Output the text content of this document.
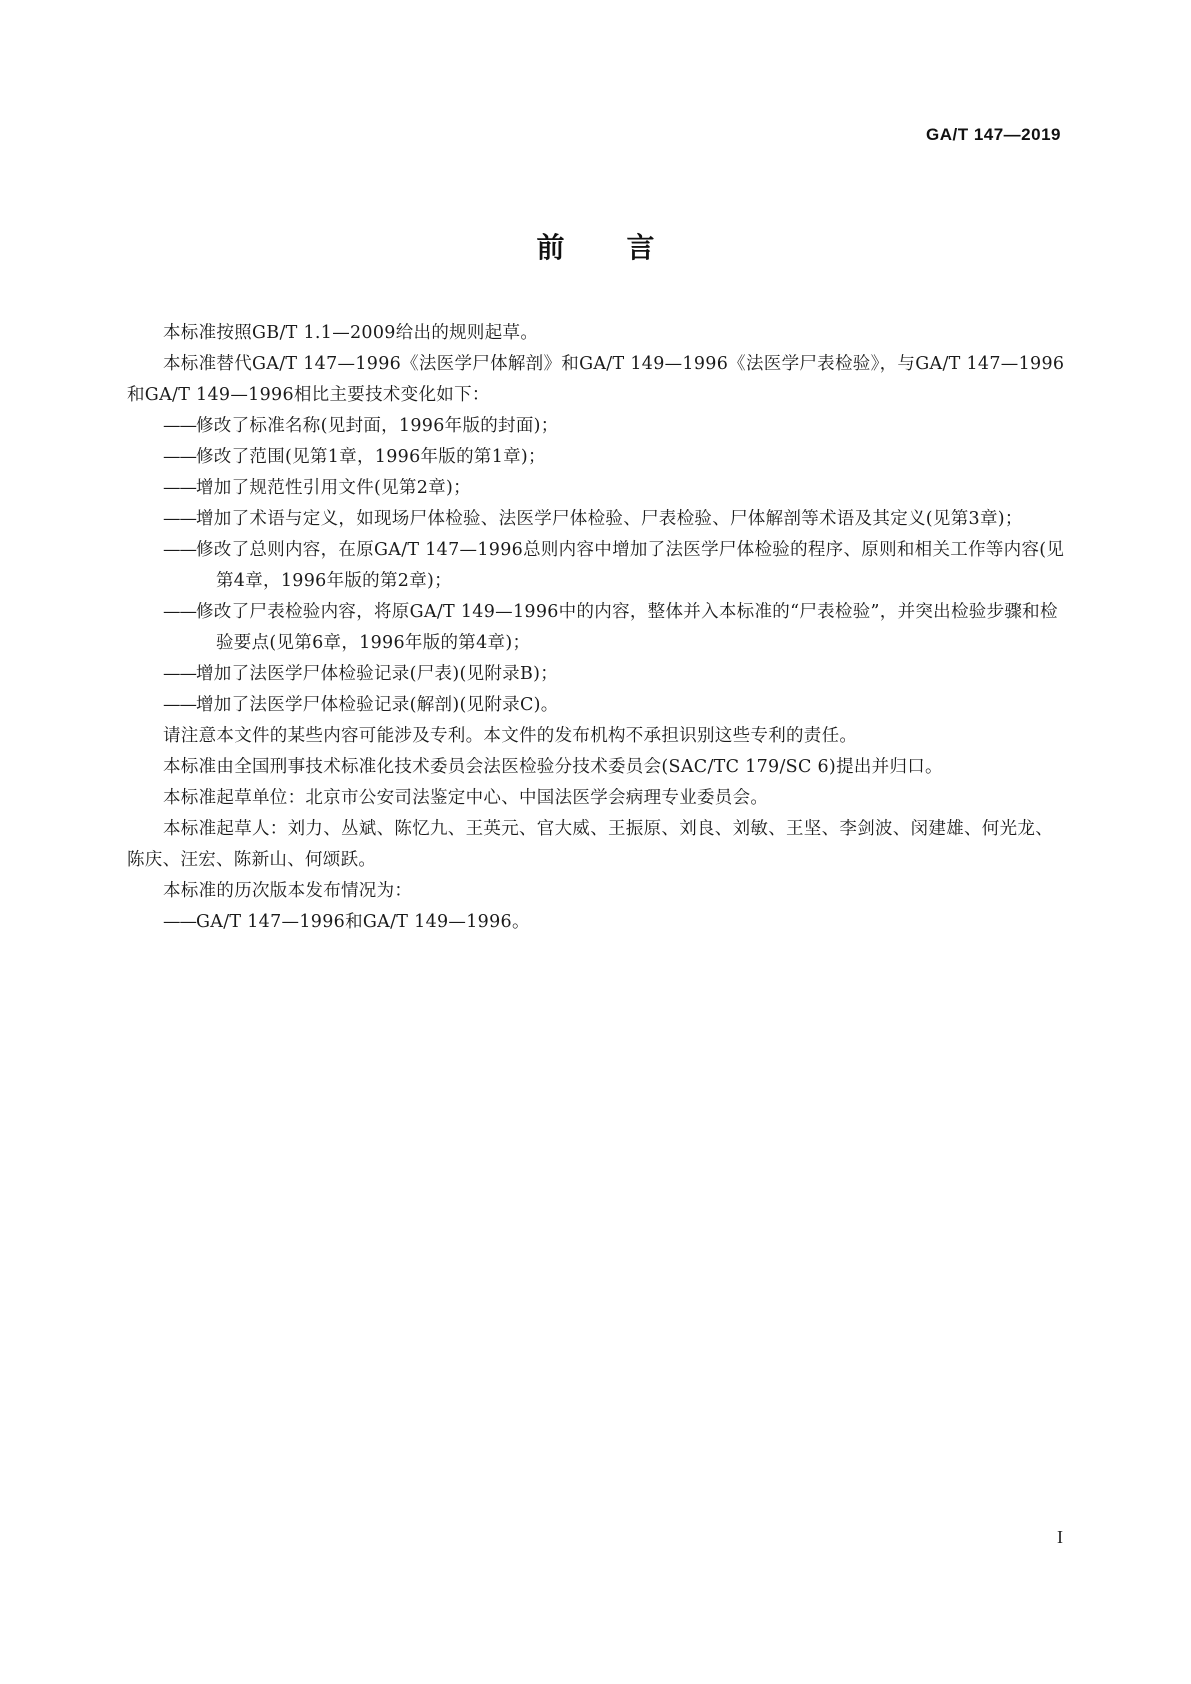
GA/T 147—2019
前言

本标准按照GB/T 1.1—2009给出的规则起草。

本标准替代GA/T 147—1996《法医学尸体解剖》和GA/T 149—1996《法医学尸表检验》，与GA/T 147—1996和GA/T 149—1996相比主要技术变化如下：

——修改了标准名称(见封面，1996年版的封面)；

——修改了范围(见第1章，1996年版的第1章)；

——增加了规范性引用文件(见第2章)；

——增加了术语与定义，如现场尸体检验、法医学尸体检验、尸表检验、尸体解剖等术语及其定义(见第3章)；

——修改了总则内容，在原GA/T 147—1996总则内容中增加了法医学尸体检验的程序、原则和相关工作等内容(见第4章，1996年版的第2章)；

——修改了尸表检验内容，将原GA/T 149—1996中的内容，整体并入本标准的“尸表检验”，并突出检验步骤和检验要点(见第6章，1996年版的第4章)；

——增加了法医学尸体检验记录(尸表)(见附录B)；

——增加了法医学尸体检验记录(解剖)(见附录C)。

请注意本文件的某些内容可能涉及专利。本文件的发布机构不承担识别这些专利的责任。

本标准由全国刑事技术标准化技术委员会法医检验分技术委员会(SAC/TC 179/SC 6)提出并归口。

本标准起草单位：北京市公安司法鉴定中心、中国法医学会病理专业委员会。

本标准起草人：刘力、丛斌、陈忆九、王英元、官大威、王振原、刘良、刘敏、王坚、李剑波、闵建雄、何光龙、陈庆、汪宏、陈新山、何颂跃。

本标准的历次版本发布情况为：

——GA/T 147—1996和GA/T 149—1996。

I
